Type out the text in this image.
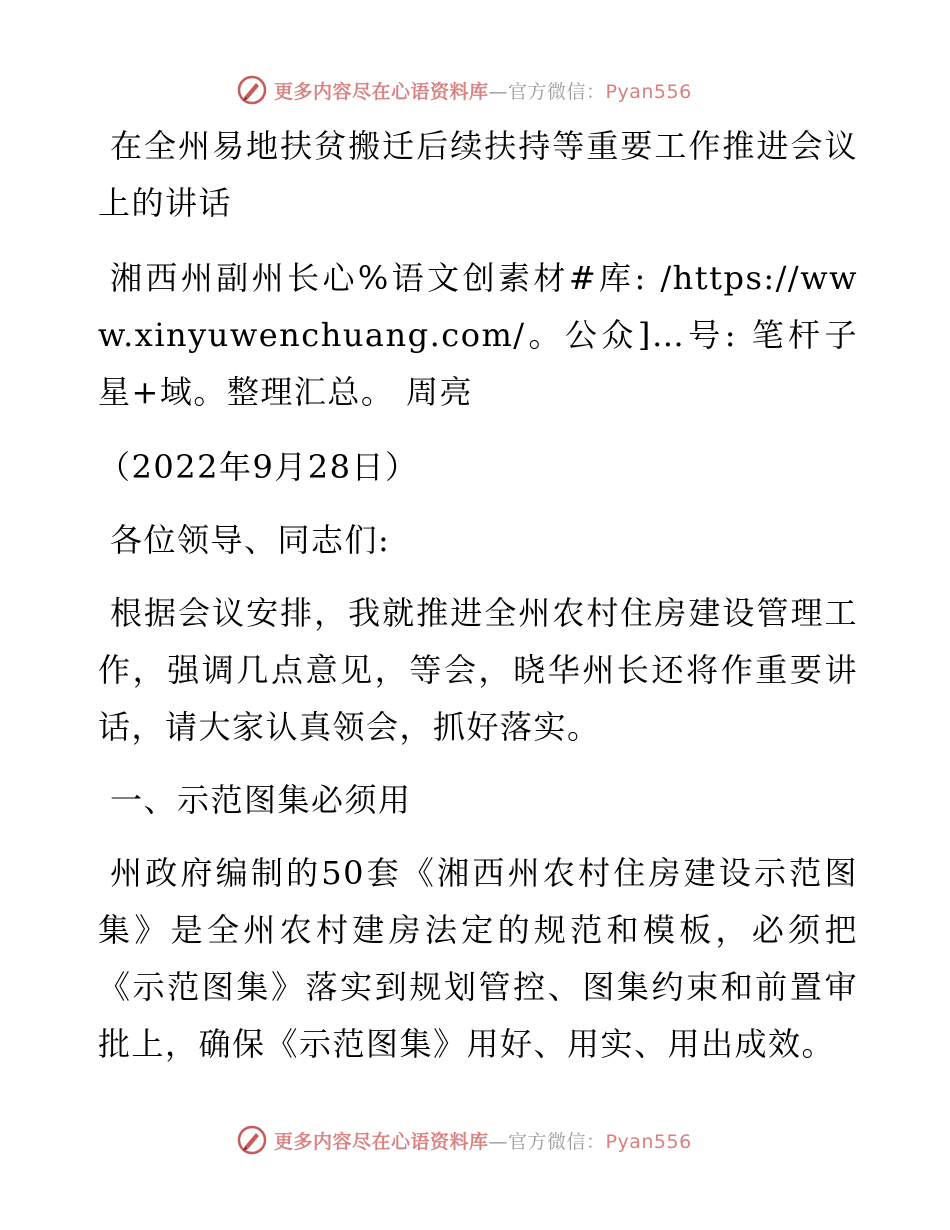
更多内容尽在心语资料库—官方微信：Pyan556

在全州易地扶贫搬迁后续扶持等重要工作推进会议上的讲话

湘西州副州长心%语文创素材#库: /https://www.xinyuwenchuang.com/。公众]…号: 笔杆子星+域。整理汇总。 周亮

（2022年9月28日）

各位领导、同志们:

根据会议安排，我就推进全州农村住房建设管理工作，强调几点意见，等会，晓华州长还将作重要讲话，请大家认真领会，抓好落实。

一、示范图集必须用

州政府编制的50套《湘西州农村住房建设示范图集》是全州农村建房法定的规范和模板，必须把《示范图集》落实到规划管控、图集约束和前置审批上，确保《示范图集》用好、用实、用出成效。

更多内容尽在心语资料库—官方微信：Pyan556
